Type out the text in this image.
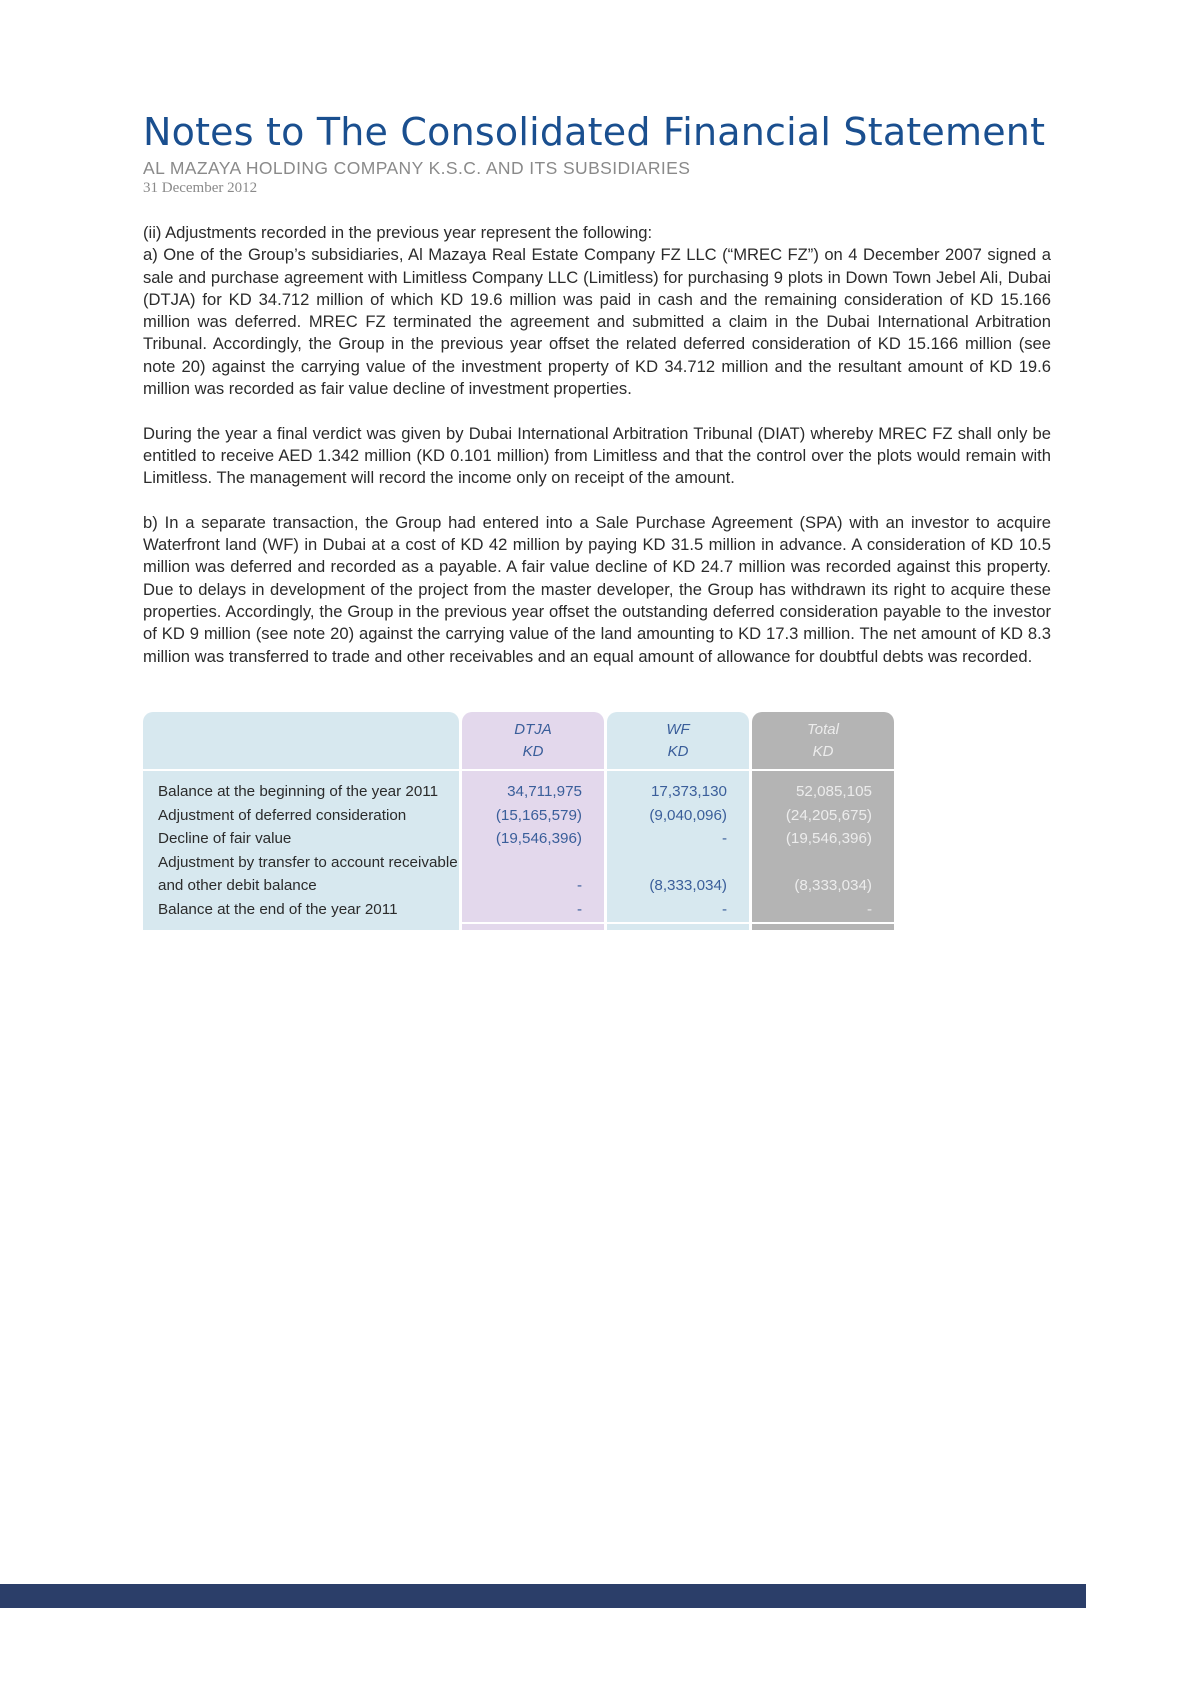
Notes to The Consolidated Financial Statement
AL MAZAYA HOLDING COMPANY K.S.C. AND ITS SUBSIDIARIES
31 December 2012

(ii) Adjustments recorded in the previous year represent the following:

a) One of the Group’s subsidiaries, Al Mazaya Real Estate Company FZ LLC (“MREC FZ”) on 4 December 2007 signed a sale and purchase agreement with Limitless Company LLC (Limitless) for purchasing 9 plots in Down Town Jebel Ali, Dubai (DTJA) for KD 34.712 million of which KD 19.6 million was paid in cash and the remaining consideration of KD 15.166 million was deferred. MREC FZ terminated the agreement and submitted a claim in the Dubai International Arbitration Tribunal. Accordingly, the Group in the previous year offset the related deferred consideration of KD 15.166 million (see note 20) against the carrying value of the investment property of KD 34.712 million and the resultant amount of KD 19.6 million was recorded as fair value decline of investment properties.

During the year a final verdict was given by Dubai International Arbitration Tribunal (DIAT) whereby MREC FZ shall only be entitled to receive AED 1.342 million (KD 0.101 million) from Limitless and that the control over the plots would remain with Limitless. The management will record the income only on receipt of the amount.

b) In a separate transaction, the Group had entered into a Sale Purchase Agreement (SPA) with an investor to acquire Waterfront land (WF) in Dubai at a cost of KD 42 million by paying KD 31.5 million in advance. A consideration of KD 10.5 million was deferred and recorded as a payable. A fair value decline of KD 24.7 million was recorded against this property. Due to delays in development of the project from the master developer, the Group has withdrawn its right to acquire these properties. Accordingly, the Group in the previous year offset the outstanding deferred consideration payable to the investor of KD 9 million (see note 20) against the carrying value of the land amounting to KD 17.3 million. The net amount of KD 8.3 million was transferred to trade and other receivables and an equal amount of allowance for doubtful debts was recorded.

DTJA
KD
WF
KD
Total
KD
Balance at the beginning of the year 2011
Adjustment of deferred consideration
Decline of fair value
Adjustment by transfer to account receivable
and other debit balance
Balance at the end of the year 2011
34,711,975
(15,165,579)
(19,546,396)

-
-
17,373,130
(9,040,096)
-

(8,333,034)
-
52,085,105
(24,205,675)
(19,546,396)

(8,333,034)
-
